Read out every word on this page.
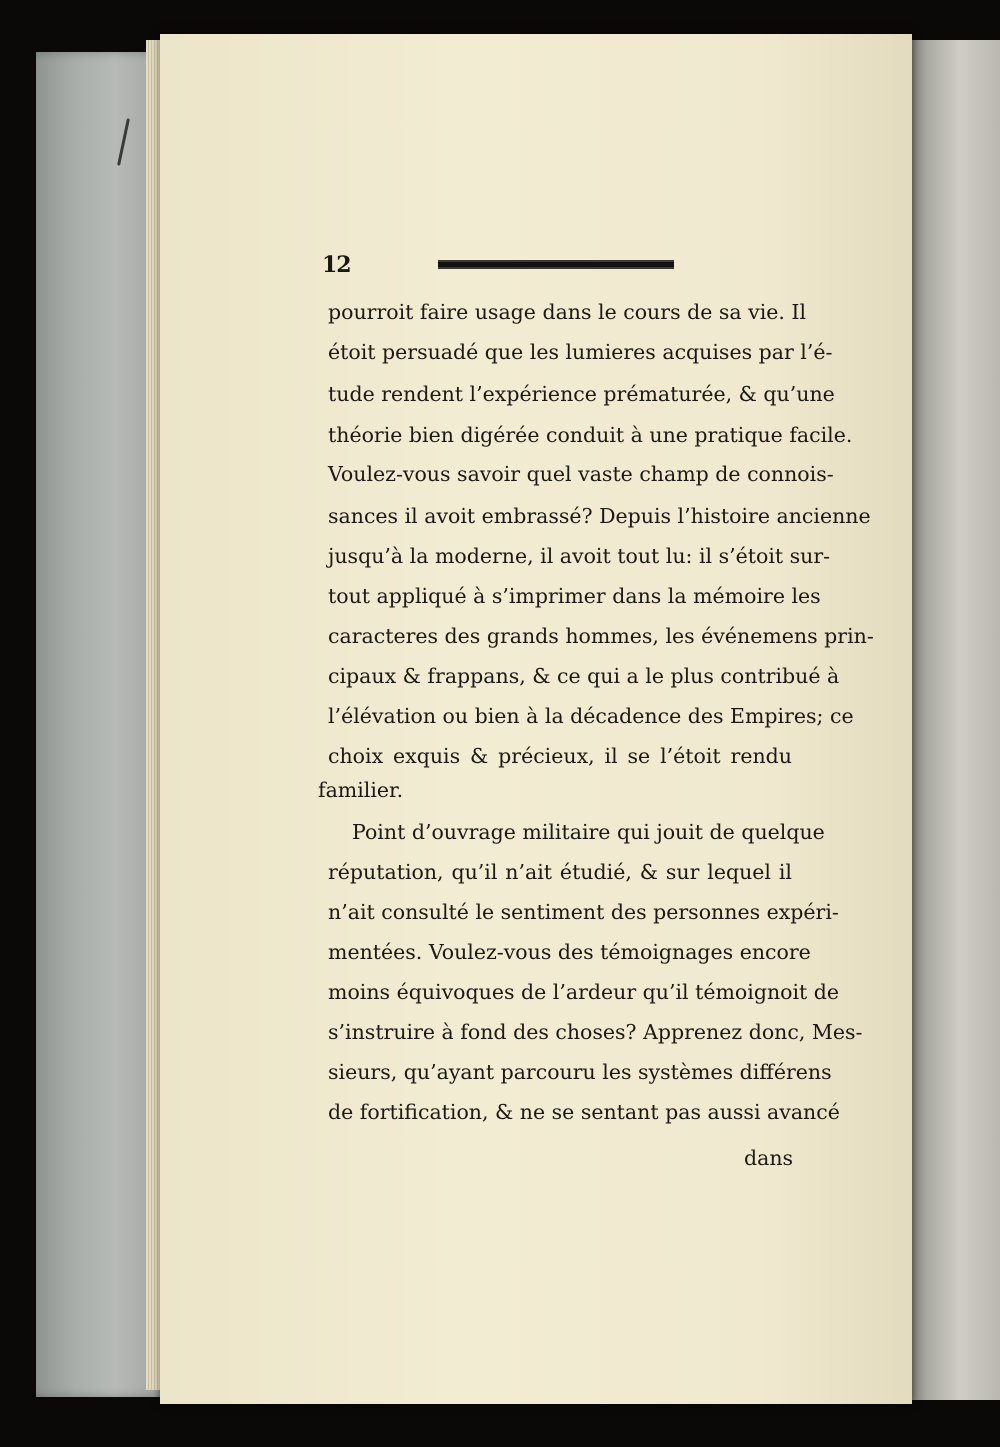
12
pourroit faire usage dans le cours de sa vie. Il
étoit persuadé que les lumieres acquises par l’é-
tude rendent l’expérience prématurée, & qu’une
théorie bien digérée conduit à une pratique facile.
Voulez-vous savoir quel vaste champ de connois-
sances il avoit embrassé? Depuis l’histoire ancienne
jusqu’à la moderne, il avoit tout lu: il s’étoit sur-
tout appliqué à s’imprimer dans la mémoire les
caracteres des grands hommes, les événemens prin-
cipaux & frappans, & ce qui a le plus contribué à
l’élévation ou bien à la décadence des Empires; ce
choix exquis & précieux, il se l’étoit rendu
familier.
Point d’ouvrage militaire qui jouit de quelque
réputation, qu’il n’ait étudié, & sur lequel il
n’ait consulté le sentiment des personnes expéri-
mentées. Voulez-vous des témoignages encore
moins équivoques de l’ardeur qu’il témoignoit de
s’instruire à fond des choses? Apprenez donc, Mes-
sieurs, qu’ayant parcouru les systèmes différens
de fortification, & ne se sentant pas aussi avancé
dans
